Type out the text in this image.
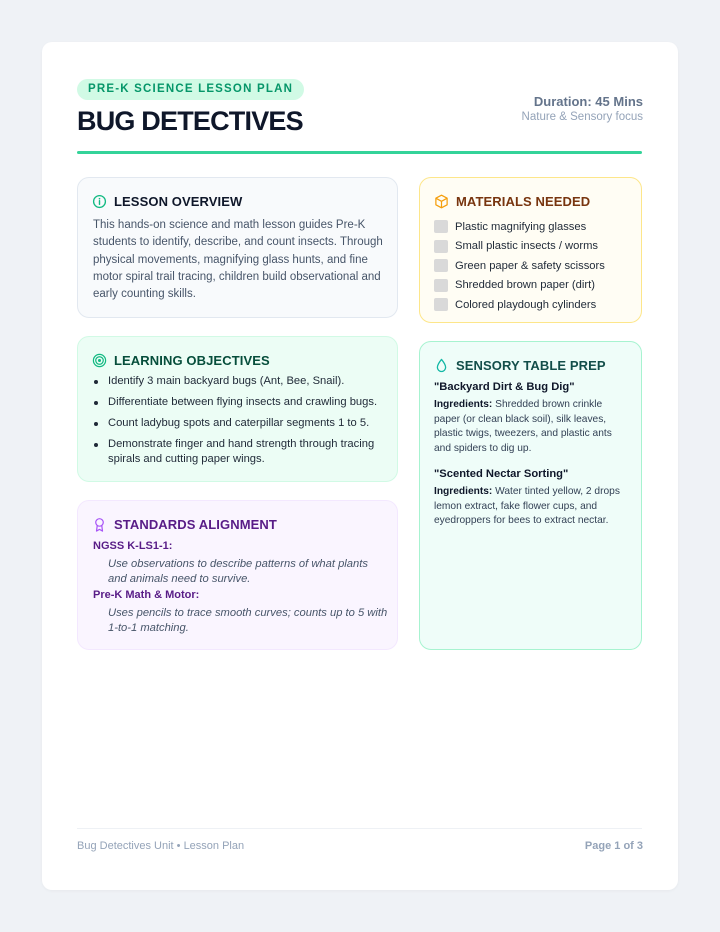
PRE-K SCIENCE LESSON PLAN
BUG DETECTIVES
Duration: 45 Mins
Nature & Sensory focus
LESSON OVERVIEW

This hands-on science and math lesson guides Pre-K students to identify, describe, and count insects. Through physical movements, magnifying glass hunts, and fine motor spiral trail tracing, children build observational and early counting skills.

LEARNING OBJECTIVES
Identify 3 main backyard bugs (Ant, Bee, Snail).
Differentiate between flying insects and crawling bugs.
Count ladybug spots and caterpillar segments 1 to 5.
Demonstrate finger and hand strength through tracing spirals and cutting paper wings.
STANDARDS ALIGNMENT
NGSS K-LS1-1:
Use observations to describe patterns of what plants and animals need to survive.
Pre-K Math & Motor:
Uses pencils to trace smooth curves; counts up to 5 with 1-to-1 matching.
MATERIALS NEEDED
Plastic magnifying glasses
Small plastic insects / worms
Green paper & safety scissors
Shredded brown paper (dirt)
Colored playdough cylinders
SENSORY TABLE PREP
"Backyard Dirt & Bug Dig"
Ingredients: Shredded brown crinkle paper (or clean black soil), silk leaves, plastic twigs, tweezers, and plastic ants and spiders to dig up.
"Scented Nectar Sorting"
Ingredients: Water tinted yellow, 2 drops lemon extract, fake flower cups, and eyedroppers for bees to extract nectar.
Bug Detectives Unit • Lesson Plan	Page 1 of 3
